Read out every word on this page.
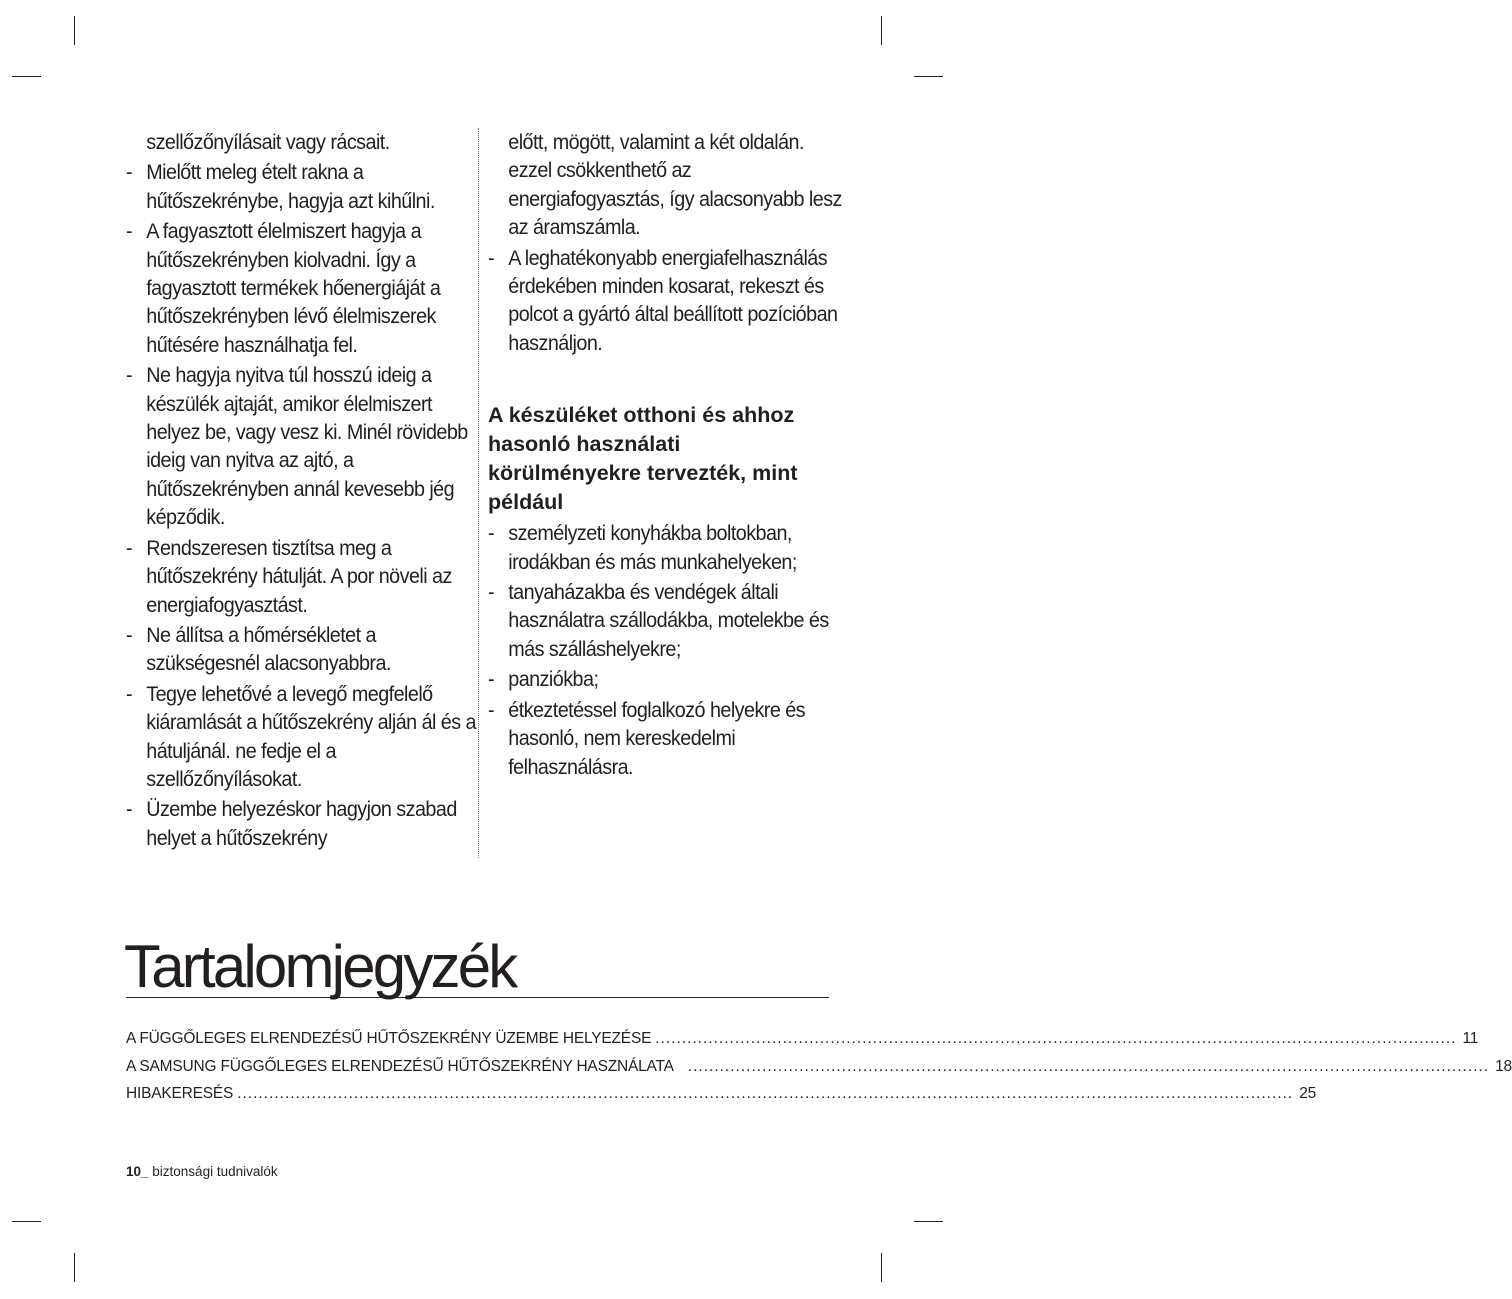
szellőzőnyílásait vagy rácsait.
- Mielőtt meleg ételt rakna a hűtőszekrénybe, hagyja azt kihűlni.
- A fagyasztott élelmiszert hagyja a hűtőszekrényben kiolvadni. Így a fagyasztott termékek hőenergiáját a hűtőszekrényben lévő élelmiszerek hűtésére használhatja fel.
- Ne hagyja nyitva túl hosszú ideig a készülék ajtaját, amikor élelmiszert helyez be, vagy vesz ki. Minél rövidebb ideig van nyitva az ajtó, a hűtőszekrényben annál kevesebb jég képződik.
- Rendszeresen tisztítsa meg a hűtőszekrény hátulját. A por növeli az energiafogyasztást.
- Ne állítsa a hőmérsékletet a szükségesnél alacsonyabbra.
- Tegye lehetővé a levegő megfelelő kiáramlását a hűtőszekrény alján ál és a hátuljánál. ne fedje el a szellőzőnyílásokat.
- Üzembe helyezéskor hagyjon szabad helyet a hűtőszekrény
előtt, mögött, valamint a két oldalán. ezzel csökkenthető az energiafogyasztás, így alacsonyabb lesz az áramszámla.
- A leghatékonyabb energiafelhasználás érdekében minden kosarat, rekeszt és polcot a gyártó által beállított pozícióban használjon.
A készüléket otthoni és ahhoz hasonló használati körülményekre tervezték, mint például
- személyzeti konyhákba boltokban, irodákban és más munkahelyeken;
- tanyaházakba és vendégek általi használatra szállodákba, motelekbe és más szálláshelyekre;
- panziókba;
- étkeztetéssel foglalkozó helyekre és hasonló, nem kereskedelmi felhasználásra.
Tartalomjegyzék
A FÜGGŐLEGES ELRENDEZÉSŰ HŰTŐSZEKRÉNY ÜZEMBE HELYEZÉSE ....................................................................................................................................................... 11
A SAMSUNG FÜGGŐLEGES ELRENDEZÉSŰ HŰTŐSZEKRÉNY HASZNÁLATA ....................................................................................................................................................... 18
HIBAKERESÉS ....................................................................................................................................................................................................... 25
10_ biztonsági tudnivalók
